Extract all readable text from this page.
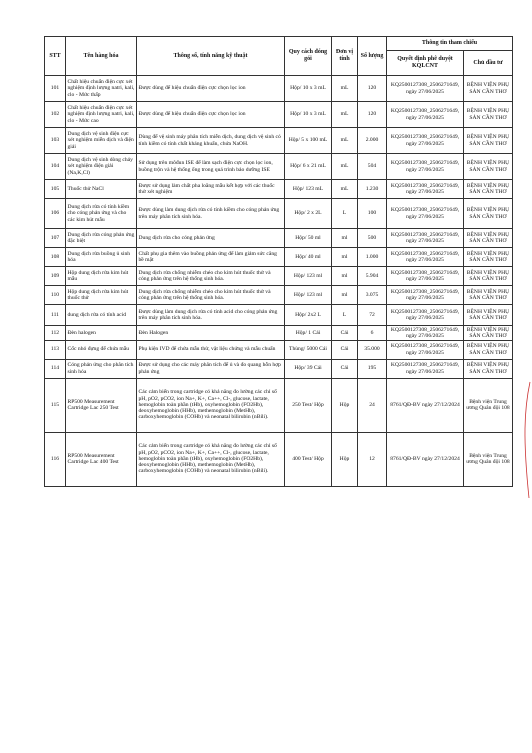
STT	Tên hàng hóa	Thông số, tính năng kỹ thuật	Quy cách đóng gói	Đơn vị tính	Số lượng	Thông tin tham chiếu	
						Quyết định phê duyệt KQLCNT	Chủ đầu tư
101	Chất hiệu chuẩn điện cực xét nghiệm định lượng natri, kali, clo - Mức thấp	Được dùng để hiệu chuẩn điện cực chọn lọc ion	Hộp/ 10 x 3 mL	mL	120	KQ2500127308_2506271649, ngày 27/06/2025	BỆNH VIỆN PHỤ SẢN CẦN THƠ
102	Chất hiệu chuẩn điện cực xét nghiệm định lượng natri, kali, clo - Mức cao	Được dùng để hiệu chuẩn điện cực chọn lọc ion	Hộp/ 10 x 3 mL	mL	120	KQ2500127308_2506271649, ngày 27/06/2025	BỆNH VIỆN PHỤ SẢN CẦN THƠ
103	Dung dịch vệ sinh điện cực xét nghiệm miễn dịch và điện giải	Dùng để vệ sinh máy phân tích miễn dịch, dung dịch vệ sinh có tính kiềm có tính chất kháng khuẩn, chứa NaOH.	Hộp/ 5 x 100 mL	mL	2.000	KQ2500127308_2506271649, ngày 27/06/2025	BỆNH VIỆN PHỤ SẢN CẦN THƠ
104	Dung dịch vệ sinh dòng chảy xét nghiệm điện giải (Na,K,Cl)	Sử dụng trên môđun ISE để làm sạch điện cực chọn lọc ion, buồng trộn và hệ thống ống trong quá trình bảo dưỡng ISE	Hộp/ 6 x 21 mL	mL	504	KQ2500127308_2506271649, ngày 27/06/2025	BỆNH VIỆN PHỤ SẢN CẦN THƠ
105	Thuốc thử NaCl	Được sử dụng làm chất pha loãng mẫu kết hợp với các thuốc thử xét nghiệm	Hộp/ 123 mL	mL	1.230	KQ2500127308_2506271649, ngày 27/06/2025	BỆNH VIỆN PHỤ SẢN CẦN THƠ
106	Dung dịch rửa có tính kiềm cho cóng phản ứng và cho các kim hút mẫu	Được dùng làm dung dịch rửa có tính kiềm cho cóng phản ứng trên máy phân tích sinh hóa.	Hộp/ 2 x 2L	L	100	KQ2500127308_2506271649, ngày 27/06/2025	BỆNH VIỆN PHỤ SẢN CẦN THƠ
107	Dung dịch rửa cóng phản ứng đặc biệt	Dung dịch rửa cho cóng phản ứng	Hộp/ 50 ml	ml	500	KQ2500127308_2506271649, ngày 27/06/2025	BỆNH VIỆN PHỤ SẢN CẦN THƠ
108	Dung dịch rửa buồng ủ sinh hóa	Chất phụ gia thêm vào buồng phản ứng để làm giảm sức căng bề mặt	Hộp/ 40 ml	ml	1.000	KQ2500127308_2506271649, ngày 27/06/2025	BỆNH VIỆN PHỤ SẢN CẦN THƠ
109	Hộp dung dịch rửa kim hút mẫu	Dung dịch rửa chống nhiễm chéo cho kim hút thuốc thử và cóng phản ứng trên hệ thống sinh hóa.	Hộp/ 123 ml	ml	5.904	KQ2500127308_2506271649, ngày 27/06/2025	BỆNH VIỆN PHỤ SẢN CẦN THƠ
110	Hộp dung dịch rửa kim hút thuốc thử	Dung dịch rửa chống nhiễm chéo cho kim hút thuốc thử và cóng phản ứng trên hệ thống sinh hóa.	Hộp/ 123 ml	ml	3.075	KQ2500127308_2506271649, ngày 27/06/2025	BỆNH VIỆN PHỤ SẢN CẦN THƠ
111	dung dịch rửa có tính acid	Được dùng làm dung dịch rửa có tính acid cho cóng phản ứng trên máy phân tích sinh hóa.	Hộp/ 2x2 L	L	72	KQ2500127308_2506271649, ngày 27/06/2025	BỆNH VIỆN PHỤ SẢN CẦN THƠ
112	Đèn halogen	Đèn Halogen	Hộp/ 1 Cái	Cái	6	KQ2500127308_2506271649, ngày 27/06/2025	BỆNH VIỆN PHỤ SẢN CẦN THƠ
113	Cốc nhỏ đựng để chứa mẫu	Phụ kiện IVD để chứa mẫu thử, vật liệu chứng và mẫu chuẩn	Thùng/ 5000 Cái	Cái	35.000	KQ2500127308_2506271649, ngày 27/06/2025	BỆNH VIỆN PHỤ SẢN CẦN THƠ
114	Cóng phản ứng cho phân tích sinh hóa	Được sử dụng cho các máy phân tích để ủ và đo quang hỗn hợp phản ứng	Hộp/ 39 Cái	Cái	195	KQ2500127308_2506271649, ngày 27/06/2025	BỆNH VIỆN PHỤ SẢN CẦN THƠ
115	RP500 Measurement Cartridge Lac 250 Test	Các cảm biến trong cartridge có khả năng đo lường các chỉ số pH, pO2, pCO2, ion Na+, K+, Ca++, Cl-, glucose, lactate, hemoglobin toàn phần (tHb), oxyhemoglobin (FO2Hb), deoxyhemoglobin (HHb), methemoglobin (MetHb), carboxyhemoglobin (COHb) và neonatal bilirubin (nBili).	250 Test/ Hộp	Hộp	24	8761/QĐ-BV ngày 27/12/2024	Bệnh viện Trung ương Quân đội 108
116	RP500 Measurement Cartridge Lac 400 Test	Các cảm biến trong cartridge có khả năng đo lường các chỉ số pH, pO2, pCO2, ion Na+, K+, Ca++, Cl-, glucose, lactate, hemoglobin toàn phần (tHb), oxyhemoglobin (FO2Hb), deoxyhemoglobin (HHb), methemoglobin (MetHb), carboxyhemoglobin (COHb) và neonatal bilirubin (nBili).	400 Test/ Hộp	Hộp	12	8761/QĐ-BV ngày 27/12/2024	Bệnh viện Trung ương Quân đội 108
